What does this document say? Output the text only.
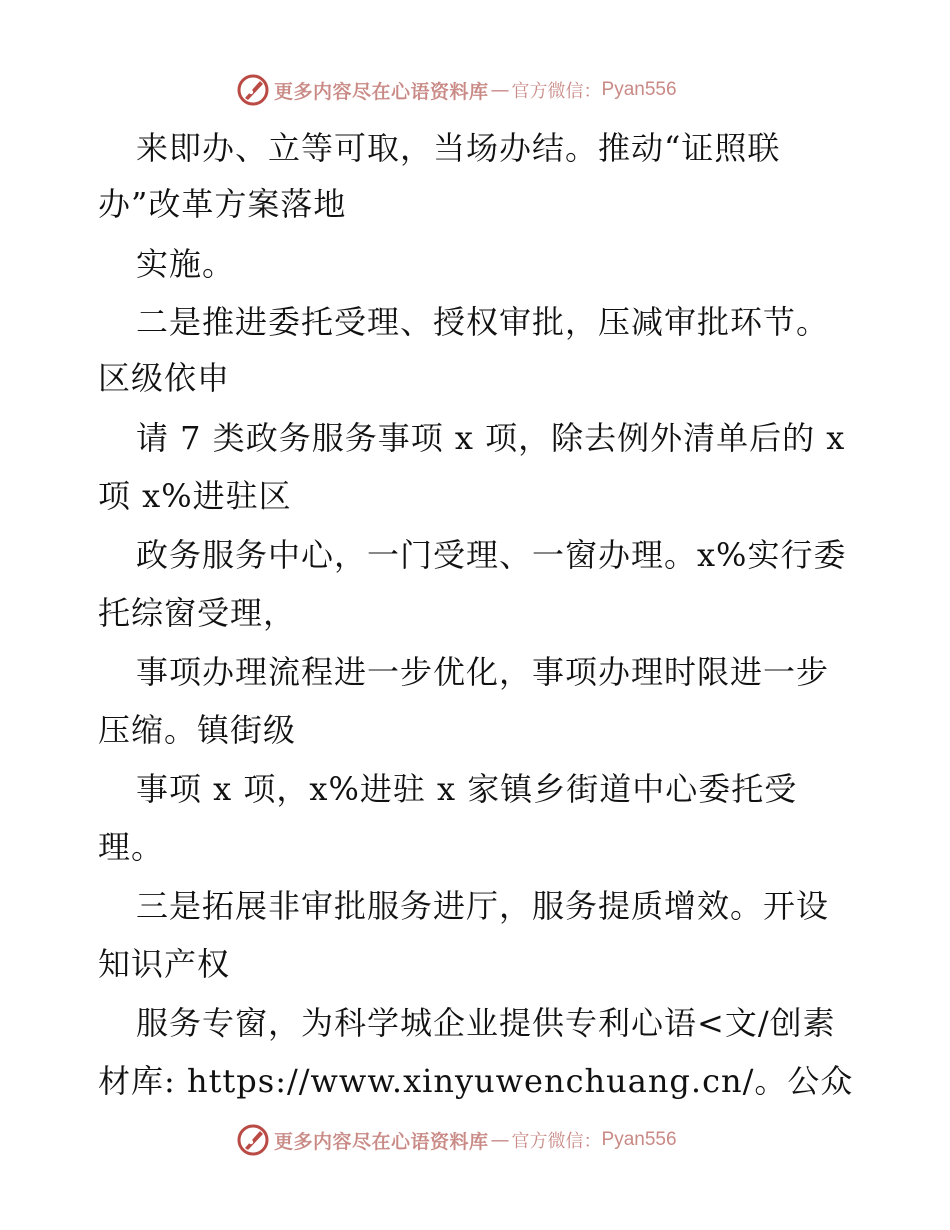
更多内容尽在心语资料库 — 官方微信： Pyan556
来即办、立等可取，当场办结。推动“证照联
办”改革方案落地
实施。
二是推进委托受理、授权审批，压减审批环节。
区级依申
请 7 类政务服务事项 x 项，除去例外清单后的 x
项 x%进驻区
政务服务中心，一门受理、一窗办理。x%实行委
托综窗受理，
事项办理流程进一步优化，事项办理时限进一步
压缩。镇街级
事项 x 项，x%进驻 x 家镇乡街道中心委托受
理。
三是拓展非审批服务进厅，服务提质增效。开设
知识产权
服务专窗，为科学城企业提供专利心语<文/创素
材库: https://www.xinyuwenchuang.cn/。公众
更多内容尽在心语资料库 — 官方微信： Pyan556
